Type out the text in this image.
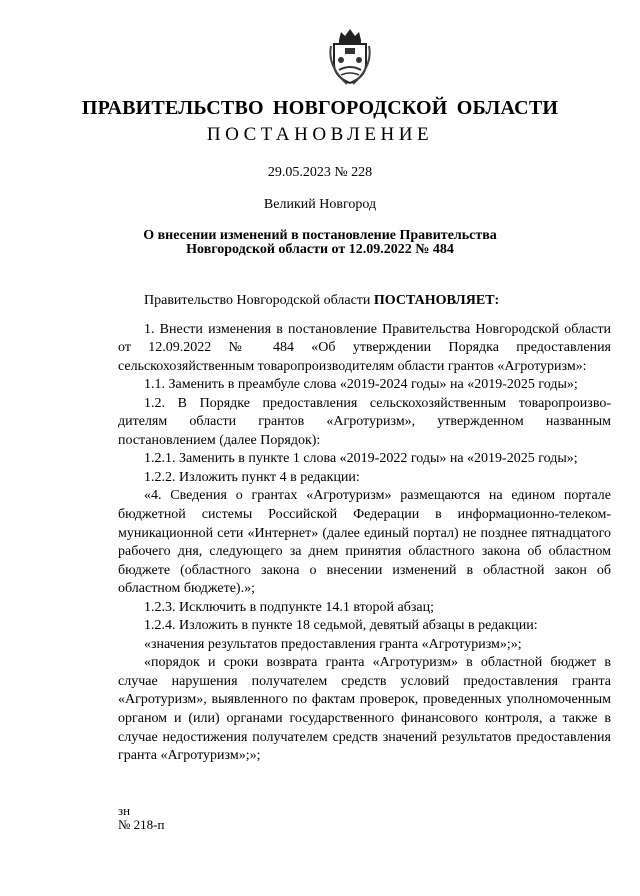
ПРАВИТЕЛЬСТВО НОВГОРОДСКОЙ ОБЛАСТИ
ПОСТАНОВЛЕНИЕ
29.05.2023 № 228
Великий Новгород
О внесении изменений в постановление Правительства
Новгородской области от 12.09.2022 № 484

Правительство Новгородской области ПОСТАНОВЛЯЕТ:

1. Внести изменения в постановление Правительства Новгородской области от 12.09.2022 № 484 «Об утверждении Порядка предоставления сельскохозяйственным товаропроизводителям области грантов «Агротуризм»:

1.1. Заменить в преамбуле слова «2019-2024 годы» на «2019-2025 годы»;

1.2. В Порядке предоставления сельскохозяйственным товаропроизво-дителям области грантов «Агротуризм», утвержденном названным постановлением (далее Порядок):

1.2.1. Заменить в пункте 1 слова «2019-2022 годы» на «2019-2025 годы»;

1.2.2. Изложить пункт 4 в редакции:

«4. Сведения о грантах «Агротуризм» размещаются на едином портале бюджетной системы Российской Федерации в информационно-телеком-муникационной сети «Интернет» (далее единый портал) не позднее пятнадцатого рабочего дня, следующего за днем принятия областного закона об областном бюджете (областного закона о внесении изменений в областной закон об областном бюджете).»;

1.2.3. Исключить в подпункте 14.1 второй абзац;

1.2.4. Изложить в пункте 18 седьмой, девятый абзацы в редакции:

«значения результатов предоставления гранта «Агротуризм»;»;

«порядок и сроки возврата гранта «Агротуризм» в областной бюджет в случае нарушения получателем средств условий предоставления гранта «Агротуризм», выявленного по фактам проверок, проведенных уполномоченным органом и (или) органами государственного финансового контроля, а также в случае недостижения получателем средств значений результатов предоставления гранта «Агротуризм»;»;

зн
№ 218-п
